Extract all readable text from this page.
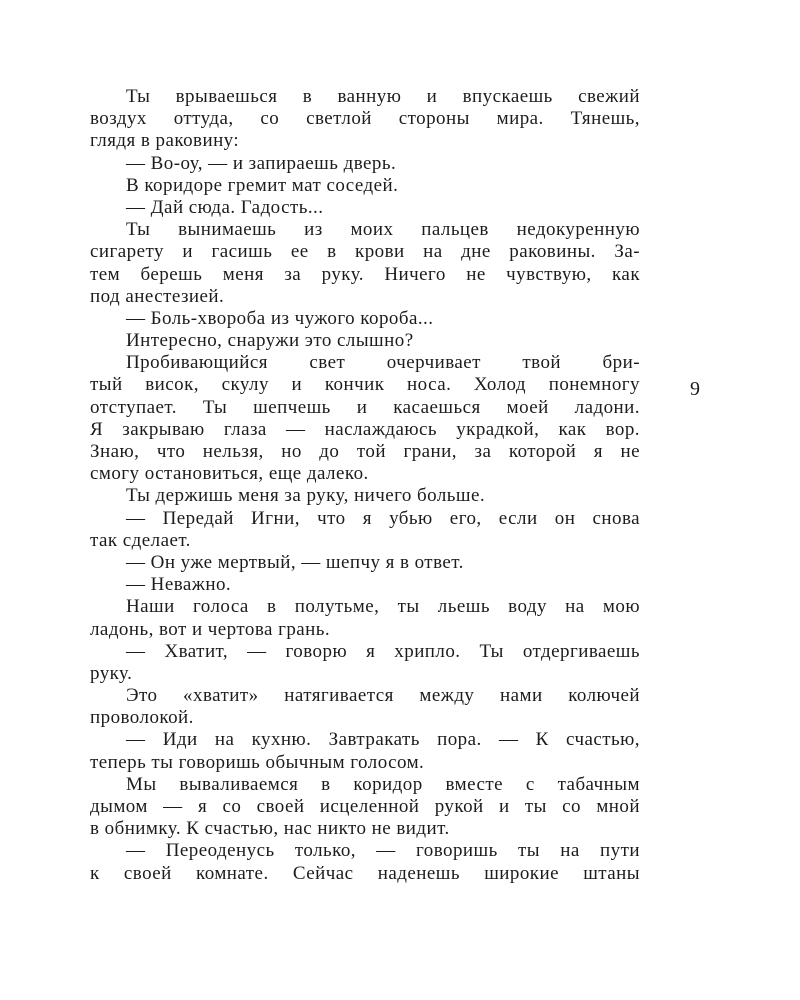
Ты врываешься в ванную и впускаешь свежий
воздух оттуда, со светлой стороны мира. Тянешь,
глядя в раковину:
— Во-оу, — и запираешь дверь.
В коридоре гремит мат соседей.
— Дай сюда. Гадость...
Ты вынимаешь из моих пальцев недокуренную
сигарету и гасишь ее в крови на дне раковины. За-
тем берешь меня за руку. Ничего не чувствую, как
под анестезией.
— Боль-хвороба из чужого короба...
Интересно, снаружи это слышно?
Пробивающийся свет очерчивает твой бри-
тый висок, скулу и кончик носа. Холод понемногу
отступает. Ты шепчешь и касаешься моей ладони.
Я закрываю глаза — наслаждаюсь украдкой, как вор.
Знаю, что нельзя, но до той грани, за которой я не
смогу остановиться, еще далеко.
Ты держишь меня за руку, ничего больше.
— Передай Игни, что я убью его, если он снова
так сделает.
— Он уже мертвый, — шепчу я в ответ.
— Неважно.
Наши голоса в полутьме, ты льешь воду на мою
ладонь, вот и чертова грань.
— Хватит, — говорю я хрипло. Ты отдергиваешь
руку.
Это «хватит» натягивается между нами колючей
проволокой.
— Иди на кухню. Завтракать пора. — К счастью,
теперь ты говоришь обычным голосом.
Мы вываливаемся в коридор вместе с табачным
дымом — я со своей исцеленной рукой и ты со мной
в обнимку. К счастью, нас никто не видит.
— Переоденусь только, — говоришь ты на пути
к своей комнате. Сейчас наденешь широкие штаны
9
